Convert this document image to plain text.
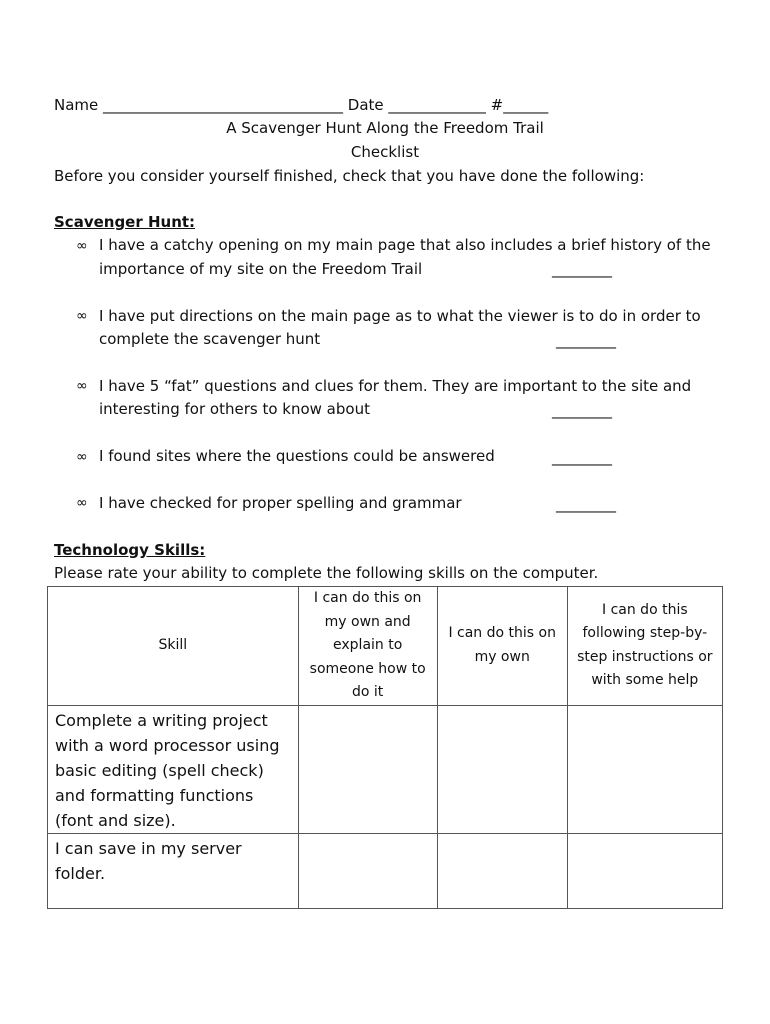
Name ________________________________ Date _____________ #______
A Scavenger Hunt Along the Freedom Trail
Checklist
Before you consider yourself finished, check that you have done the following:
Scavenger Hunt:
∞ I have a catchy opening on my main page that also includes a brief history of the
importance of my site on the Freedom Trail	________
∞ I have put directions on the main page as to what the viewer is to do in order to
complete the scavenger hunt	________
∞ I have 5 “fat” questions and clues for them. They are important to the site and
interesting for others to know about	________
∞ I found sites where the questions could be answered	________
∞ I have checked for proper spelling and grammar	________
Technology Skills:
Please rate your ability to complete the following skills on the computer.
Skill	I can do this on my own and explain to someone how to do it	I can do this on my own	I can do this following step-by-step instructions or with some help
Complete a writing project with a word processor using basic editing (spell check) and formatting functions (font and size).			
I can save in my server folder.			
